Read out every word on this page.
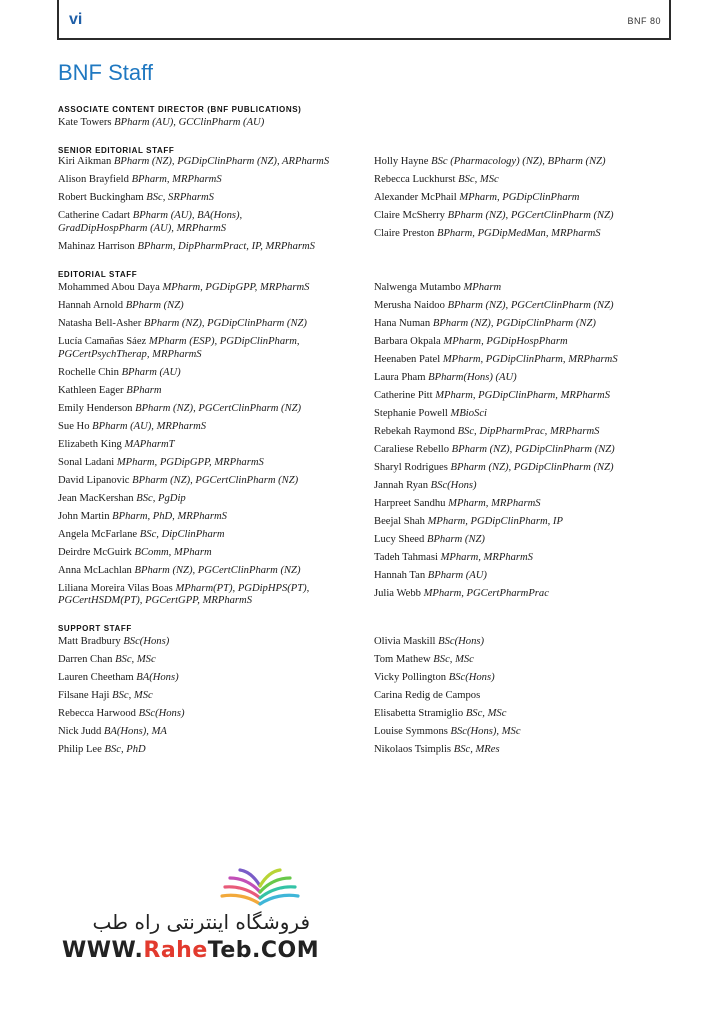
vi	BNF 80
BNF Staff
ASSOCIATE CONTENT DIRECTOR (BNF PUBLICATIONS)
Kate Towers BPharm (AU), GCClinPharm (AU)
SENIOR EDITORIAL STAFF
Kiri Aikman BPharm (NZ), PGDipClinPharm (NZ), ARPharmS
Alison Brayfield BPharm, MRPharmS
Robert Buckingham BSc, SRPharmS
Catherine Cadart BPharm (AU), BA(Hons),
GradDipHospPharm (AU), MRPharmS
Mahinaz Harrison BPharm, DipPharmPract, IP, MRPharmS
Holly Hayne BSc (Pharmacology) (NZ), BPharm (NZ)
Rebecca Luckhurst BSc, MSc
Alexander McPhail MPharm, PGDipClinPharm
Claire McSherry BPharm (NZ), PGCertClinPharm (NZ)
Claire Preston BPharm, PGDipMedMan, MRPharmS
EDITORIAL STAFF
Mohammed Abou Daya MPharm, PGDipGPP, MRPharmS
Hannah Arnold BPharm (NZ)
Natasha Bell-Asher BPharm (NZ), PGDipClinPharm (NZ)
Lucía Camañas Sáez MPharm (ESP), PGDipClinPharm,
PGCertPsychTherap, MRPharmS
Rochelle Chin BPharm (AU)
Kathleen Eager BPharm
Emily Henderson BPharm (NZ), PGCertClinPharm (NZ)
Sue Ho BPharm (AU), MRPharmS
Elizabeth King MAPharmT
Sonal Ladani MPharm, PGDipGPP, MRPharmS
David Lipanovic BPharm (NZ), PGCertClinPharm (NZ)
Jean MacKershan BSc, PgDip
John Martin BPharm, PhD, MRPharmS
Angela McFarlane BSc, DipClinPharm
Deirdre McGuirk BComm, MPharm
Anna McLachlan BPharm (NZ), PGCertClinPharm (NZ)
Liliana Moreira Vilas Boas MPharm(PT), PGDipHPS(PT),
PGCertHSDM(PT), PGCertGPP, MRPharmS
Nalwenga Mutambo MPharm
Merusha Naidoo BPharm (NZ), PGCertClinPharm (NZ)
Hana Numan BPharm (NZ), PGDipClinPharm (NZ)
Barbara Okpala MPharm, PGDipHospPharm
Heenaben Patel MPharm, PGDipClinPharm, MRPharmS
Laura Pham BPharm(Hons) (AU)
Catherine Pitt MPharm, PGDipClinPharm, MRPharmS
Stephanie Powell MBioSci
Rebekah Raymond BSc, DipPharmPrac, MRPharmS
Caraliese Rebello BPharm (NZ), PGDipClinPharm (NZ)
Sharyl Rodrigues BPharm (NZ), PGDipClinPharm (NZ)
Jannah Ryan BSc(Hons)
Harpreet Sandhu MPharm, MRPharmS
Beejal Shah MPharm, PGDipClinPharm, IP
Lucy Sheed BPharm (NZ)
Tadeh Tahmasi MPharm, MRPharmS
Hannah Tan BPharm (AU)
Julia Webb MPharm, PGCertPharmPrac
SUPPORT STAFF
Matt Bradbury BSc(Hons)
Darren Chan BSc, MSc
Lauren Cheetham BA(Hons)
Filsane Haji BSc, MSc
Rebecca Harwood BSc(Hons)
Nick Judd BA(Hons), MA
Philip Lee BSc, PhD
Olivia Maskill BSc(Hons)
Tom Mathew BSc, MSc
Vicky Pollington BSc(Hons)
Carina Redig de Campos
Elisabetta Stramiglio BSc, MSc
Louise Symmons BSc(Hons), MSc
Nikolaos Tsimplis BSc, MRes
فروشگاه اینترنتی راه طب
WWW.RaheTeb.COM
